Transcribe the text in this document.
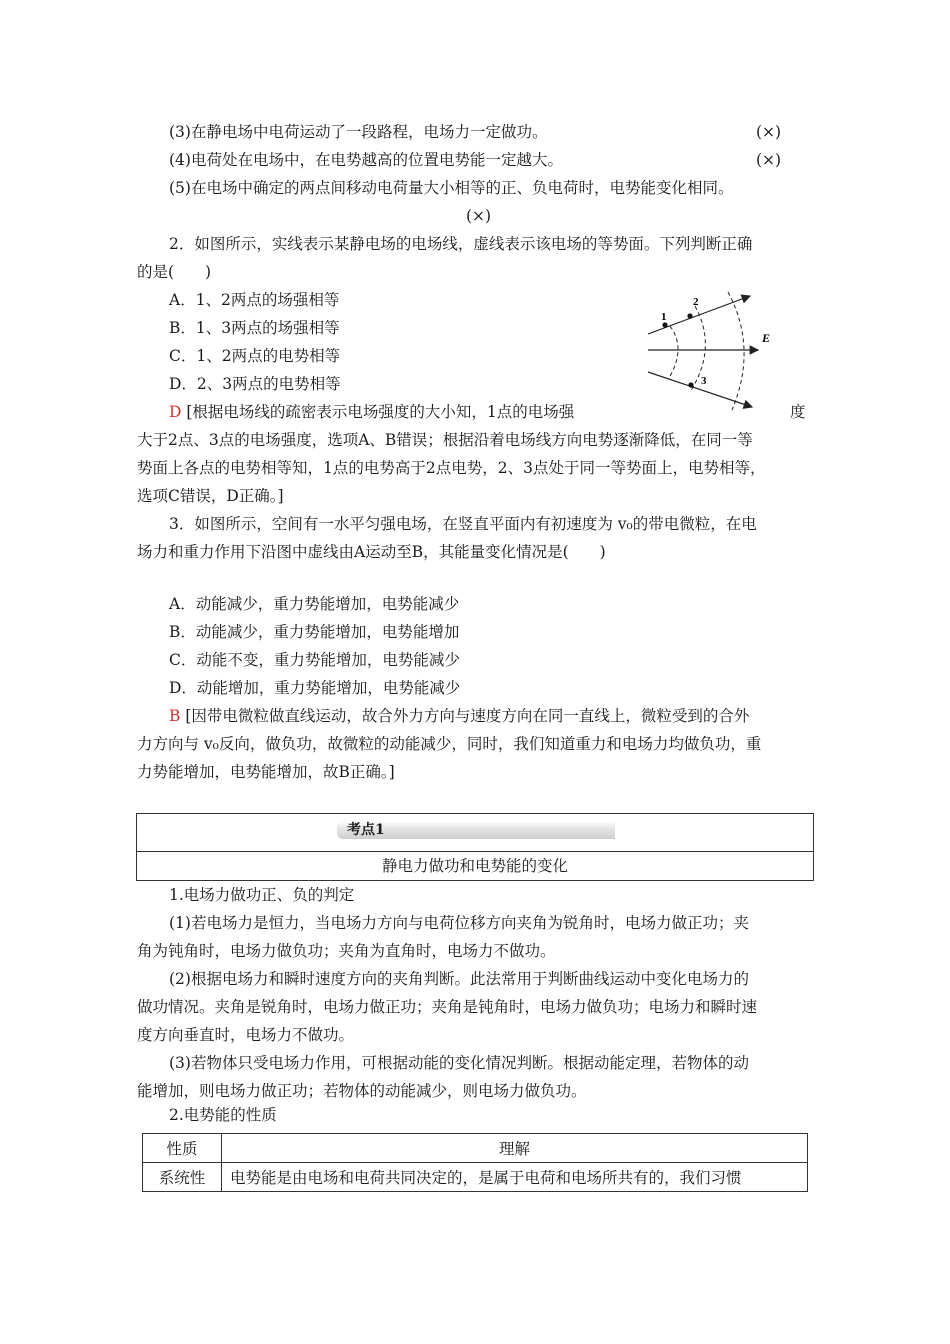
(3)在静电场中电荷运动了一段路程，电场力一定做功。	(×)
(4)电荷处在电场中，在电势越高的位置电势能一定越大。	(×)
(5)在电场中确定的两点间移动电荷量大小相等的正、负电荷时，电势能变化相同。
(×)
2．如图所示，实线表示某静电场的电场线，虚线表示该电场的等势面。下列判断正确
的是(　　)
A．1、2两点的场强相等
B．1、3两点的场强相等
C．1、2两点的电势相等
D．2、3两点的电势相等
1
2
3
E
D [根据电场线的疏密表示电场强度的大小知，1点的电场强	度
大于2点、3点的电场强度，选项A、B错误；根据沿着电场线方向电势逐渐降低，在同一等
势面上各点的电势相等知，1点的电势高于2点电势，2、3点处于同一等势面上，电势相等，
选项C错误，D正确。]
3．如图所示，空间有一水平匀强电场，在竖直平面内有初速度为 v₀的带电微粒，在电
场力和重力作用下沿图中虚线由A运动至B，其能量变化情况是(　　)
A．动能减少，重力势能增加，电势能减少
B．动能减少，重力势能增加，电势能增加
C．动能不变，重力势能增加，电势能减少
D．动能增加，重力势能增加，电势能减少
B [因带电微粒做直线运动，故合外力方向与速度方向在同一直线上，微粒受到的合外
力方向与 v₀反向，做负功，故微粒的动能减少，同时，我们知道重力和电场力均做负功，重
力势能增加，电势能增加，故B正确。]
考点1
静电力做功和电势能的变化
1.电场力做功正、负的判定
(1)若电场力是恒力，当电场力方向与电荷位移方向夹角为锐角时，电场力做正功；夹
角为钝角时，电场力做负功；夹角为直角时，电场力不做功。
(2)根据电场力和瞬时速度方向的夹角判断。此法常用于判断曲线运动中变化电场力的
做功情况。夹角是锐角时，电场力做正功；夹角是钝角时，电场力做负功；电场力和瞬时速
度方向垂直时，电场力不做功。
(3)若物体只受电场力作用，可根据动能的变化情况判断。根据动能定理，若物体的动
能增加，则电场力做正功；若物体的动能减少，则电场力做负功。
2.电势能的性质
性质	理解
系统性	电势能是由电场和电荷共同决定的，是属于电荷和电场所共有的，我们习惯
